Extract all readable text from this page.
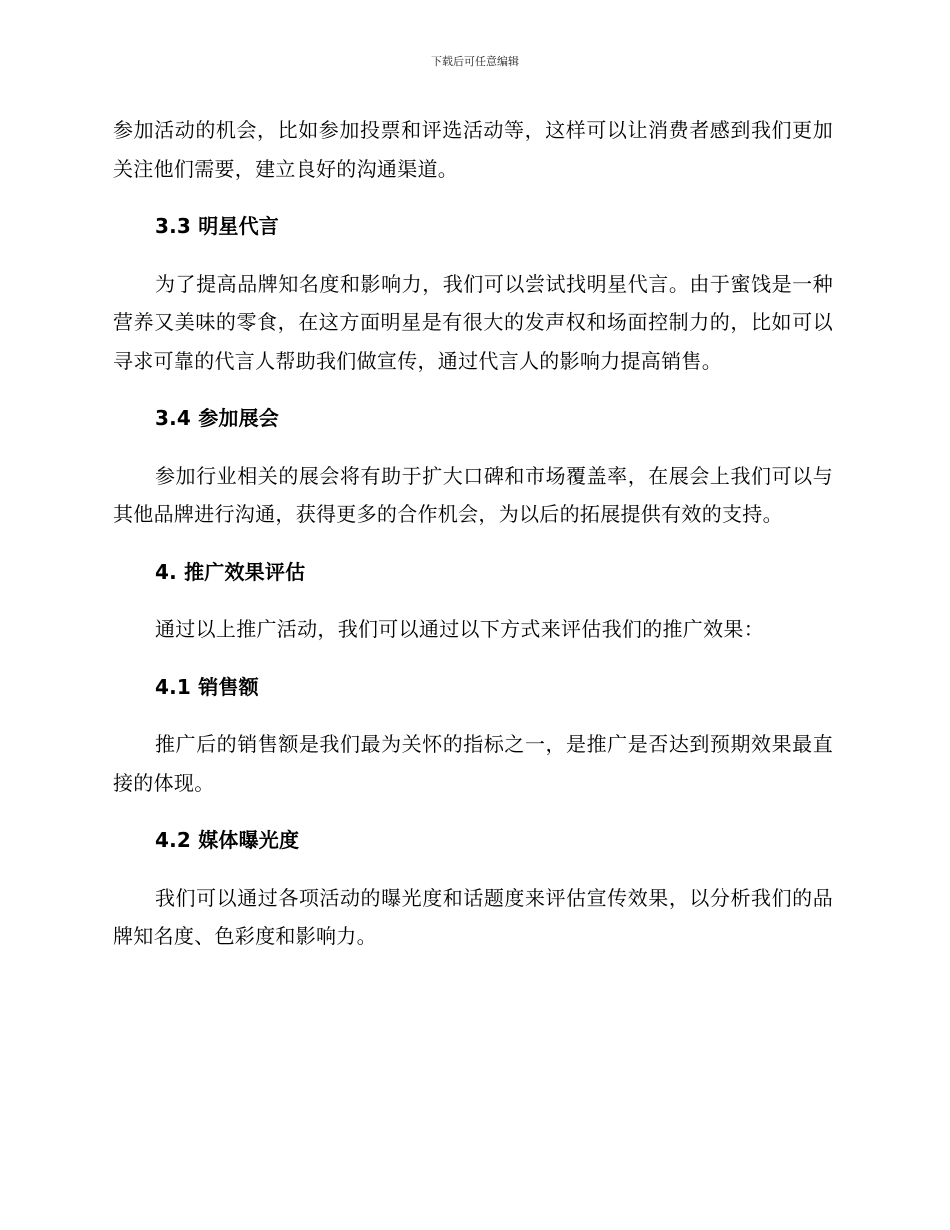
下载后可任意编辑

参加活动的机会，比如参加投票和评选活动等，这样可以让消费者感到我们更加关注他们需要，建立良好的沟通渠道。

3.3 明星代言

为了提高品牌知名度和影响力，我们可以尝试找明星代言。由于蜜饯是一种营养又美味的零食，在这方面明星是有很大的发声权和场面控制力的，比如可以寻求可靠的代言人帮助我们做宣传，通过代言人的影响力提高销售。

3.4 参加展会

参加行业相关的展会将有助于扩大口碑和市场覆盖率，在展会上我们可以与其他品牌进行沟通，获得更多的合作机会，为以后的拓展提供有效的支持。

4. 推广效果评估

通过以上推广活动，我们可以通过以下方式来评估我们的推广效果：

4.1 销售额

推广后的销售额是我们最为关怀的指标之一，是推广是否达到预期效果最直接的体现。

4.2 媒体曝光度

我们可以通过各项活动的曝光度和话题度来评估宣传效果，以分析我们的品牌知名度、色彩度和影响力。
